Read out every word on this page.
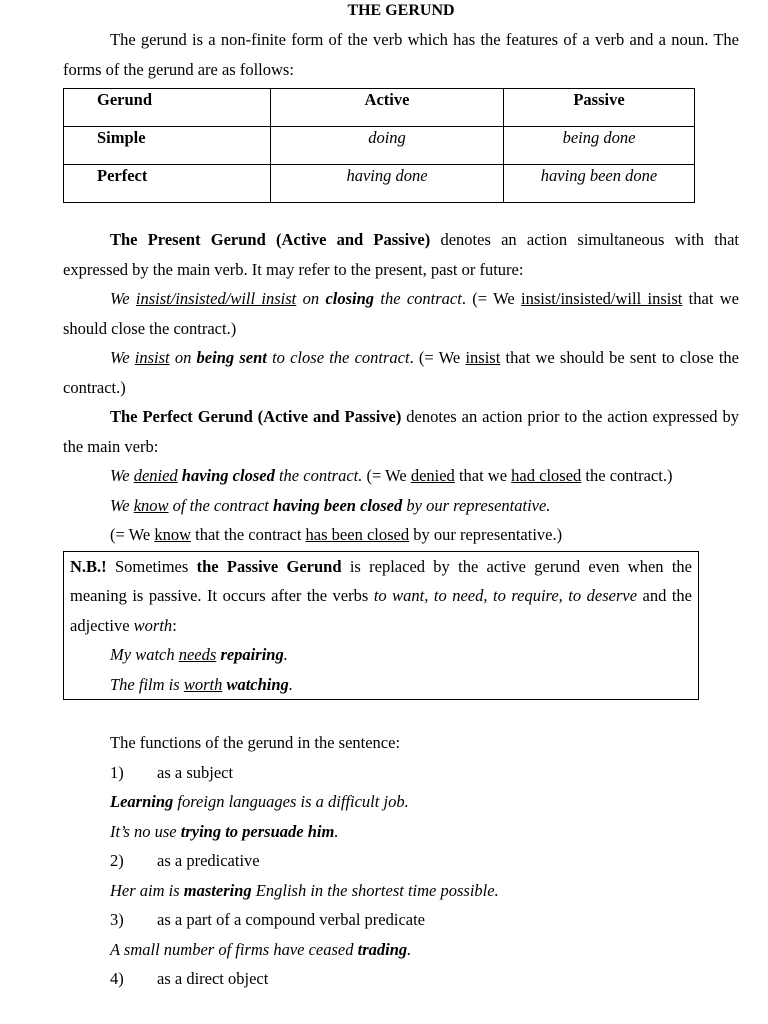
THE GERUND

The gerund is a non-finite form of the verb which has the features of a verb and a noun. The forms of the gerund are as follows:

Gerund	Active	Passive
Simple	doing	being done
Perfect	having done	having been done

The Present Gerund (Active and Passive) denotes an action simultaneous with that expressed by the main verb. It may refer to the present, past or future:

We insist/insisted/will insist on closing the contract. (= We insist/insisted/will insist that we should close the contract.)

We insist on being sent to close the contract. (= We insist that we should be sent to close the contract.)

The Perfect Gerund (Active and Passive) denotes an action prior to the action expressed by the main verb:

We denied having closed the contract. (= We denied that we had closed the contract.)

We know of the contract having been closed by our representative.

(= We know that the contract has been closed by our representative.)

N.B.! Sometimes the Passive Gerund is replaced by the active gerund even when the meaning is passive. It occurs after the verbs to want, to need, to require, to deserve and the adjective worth:

My watch needs repairing.

The film is worth watching.

The functions of the gerund in the sentence:

1) as a subject

Learning foreign languages is a difficult job.

It’s no use trying to persuade him.

2) as a predicative

Her aim is mastering English in the shortest time possible.

3) as a part of a compound verbal predicate

A small number of firms have ceased trading.

4) as a direct object
